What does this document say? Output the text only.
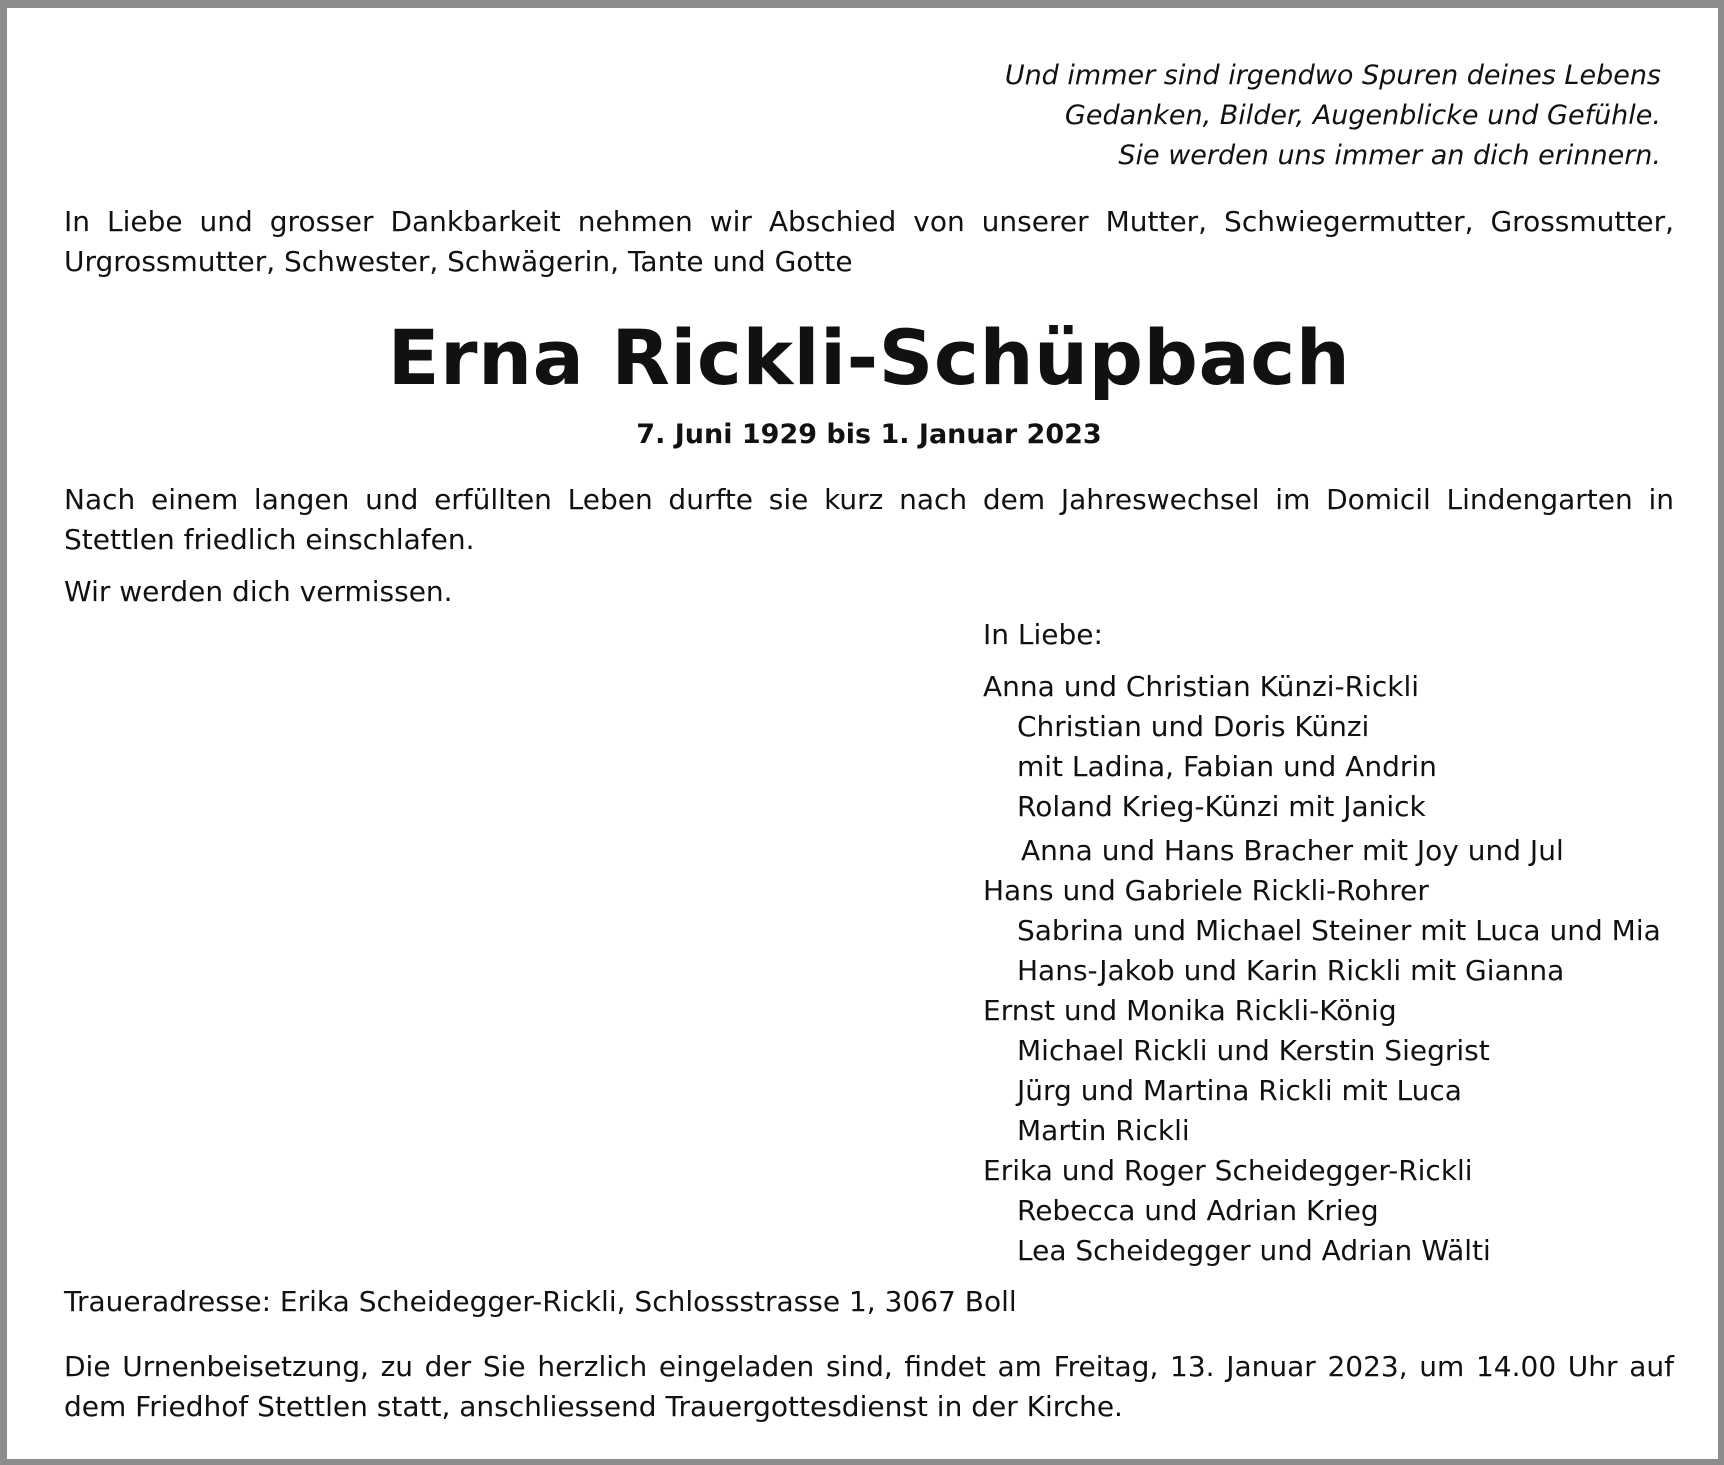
Und immer sind irgendwo Spuren deines Lebens
Gedanken, Bilder, Augenblicke und Gefühle.
Sie werden uns immer an dich erinnern.

In Liebe und grosser Dankbarkeit nehmen wir Abschied von unserer Mutter, Schwiegermutter, Grossmutter, Urgrossmutter, Schwester, Schwägerin, Tante und Gotte

Erna Rickli-Schüpbach
7. Juni 1929 bis 1. Januar 2023

Nach einem langen und erfüllten Leben durfte sie kurz nach dem Jahreswechsel im Domicil Lindengarten in Stettlen friedlich einschlafen.

Wir werden dich vermissen.

In Liebe:
Anna und Christian Künzi-Rickli
Christian und Doris Künzi
mit Ladina, Fabian und Andrin
Roland Krieg-Künzi mit Janick
Anna und Hans Bracher mit Joy und Jul
Hans und Gabriele Rickli-Rohrer
Sabrina und Michael Steiner mit Luca und Mia
Hans-Jakob und Karin Rickli mit Gianna
Ernst und Monika Rickli-König
Michael Rickli und Kerstin Siegrist
Jürg und Martina Rickli mit Luca
Martin Rickli
Erika und Roger Scheidegger-Rickli
Rebecca und Adrian Krieg
Lea Scheidegger und Adrian Wälti

Traueradresse: Erika Scheidegger-Rickli, Schlossstrasse 1, 3067 Boll

Die Urnenbeisetzung, zu der Sie herzlich eingeladen sind, findet am Freitag, 13. Januar 2023, um 14.00 Uhr auf dem Friedhof Stettlen statt, anschliessend Trauergottesdienst in der Kirche.
